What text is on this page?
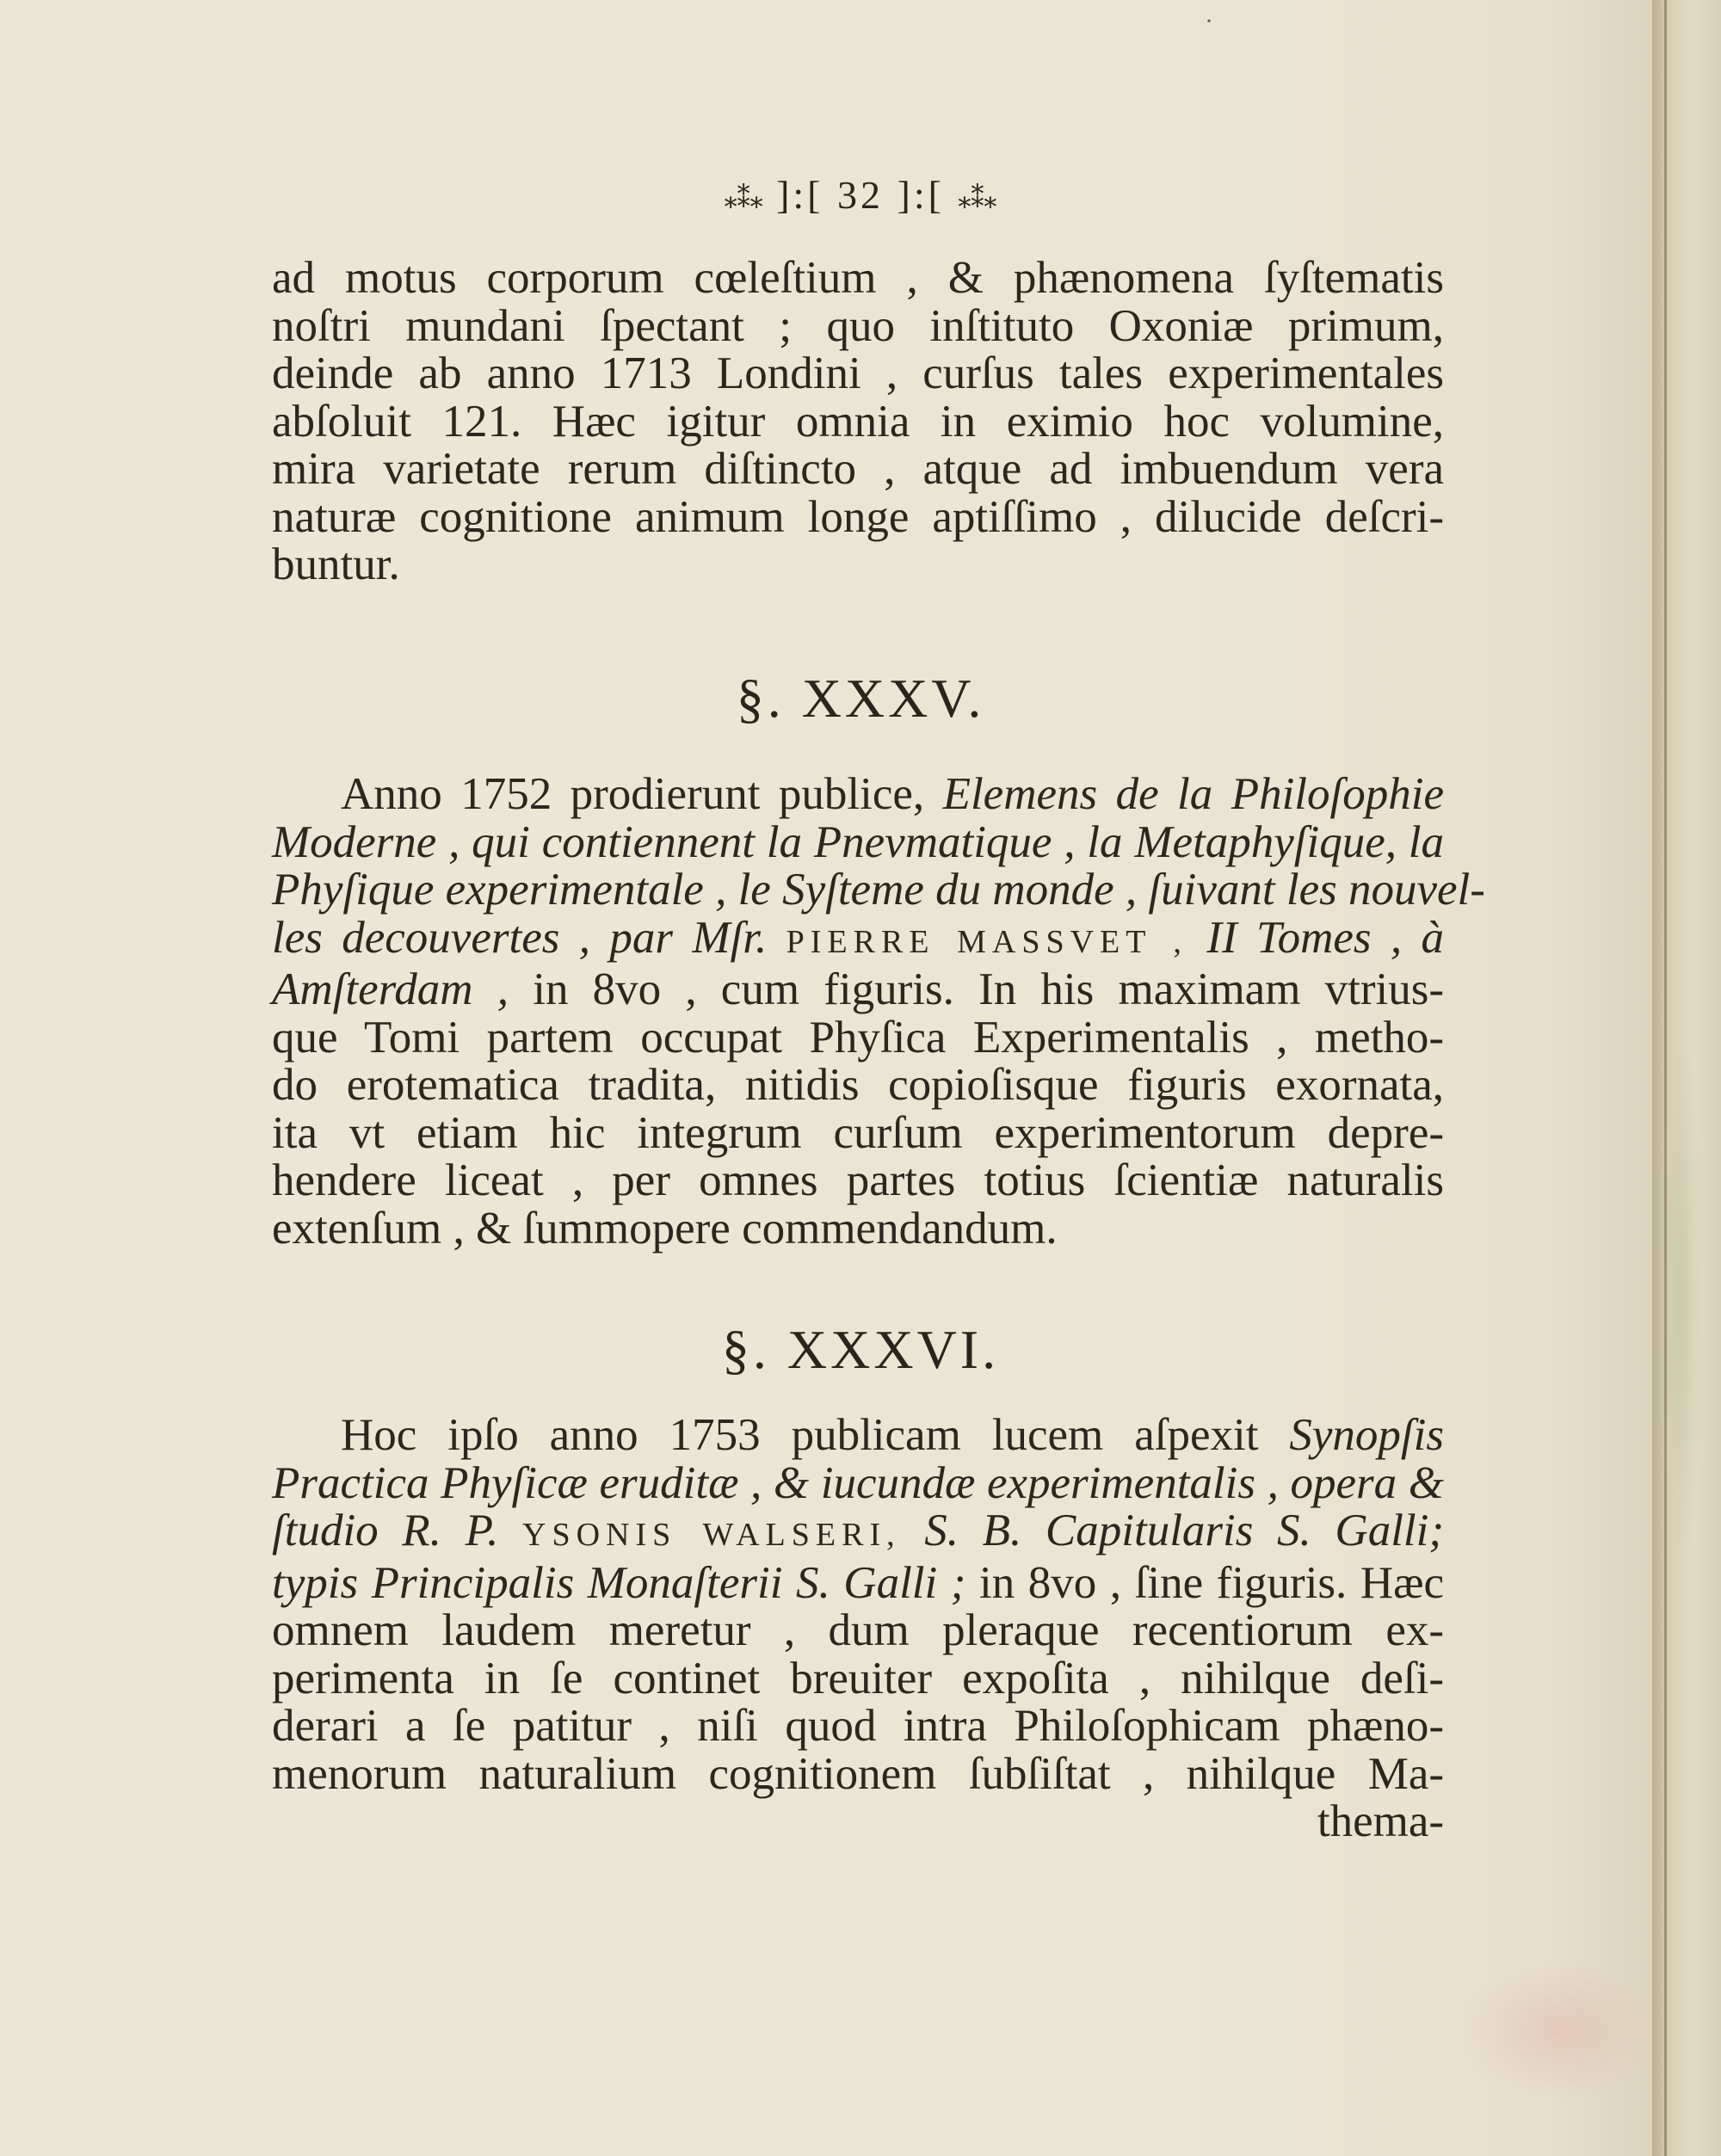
·
⁎⁑⁎ ]:[ 32 ]:[ ⁎⁑⁎
ad motus corporum cœleſtium , & phænomena ſyſtematis
noſtri mundani ſpectant ; quo inſtituto Oxoniæ primum,
deinde ab anno 1713 Londini , curſus tales experimentales
abſoluit 121. Hæc igitur omnia in eximio hoc volumine,
mira varietate rerum diſtincto , atque ad imbuendum vera
naturæ cognitione animum longe aptiſſimo , dilucide deſcri-
buntur.
§. XXXV.
Anno 1752 prodierunt publice, Elemens de la Philoſophie
Moderne , qui contiennent la Pnevmatique , la Metaphyſique, la
Phyſique experimentale , le Syſteme du monde , ſuivant les nouvel-
les decouvertes , par Mſr. PIERRE MASSVET , II Tomes , à
Amſterdam , in 8vo , cum figuris. In his maximam vtrius-
que Tomi partem occupat Phyſica Experimentalis , metho-
do erotematica tradita, nitidis copioſisque figuris exornata,
ita vt etiam hic integrum curſum experimentorum depre-
hendere liceat , per omnes partes totius ſcientiæ naturalis
extenſum , & ſummopere commendandum.
§. XXXVI.
Hoc ipſo anno 1753 publicam lucem aſpexit Synopſis
Practica Phyſicæ eruditæ , & iucundæ experimentalis , opera &
ſtudio R. P. YSONIS WALSERI, S. B. Capitularis S. Galli;
typis Principalis Monaſterii S. Galli ; in 8vo , ſine figuris. Hæc
omnem laudem meretur , dum pleraque recentiorum ex-
perimenta in ſe continet breuiter expoſita , nihilque deſi-
derari a ſe patitur , niſi quod intra Philoſophicam phæno-
menorum naturalium cognitionem ſubſiſtat , nihilque Ma-
thema-
